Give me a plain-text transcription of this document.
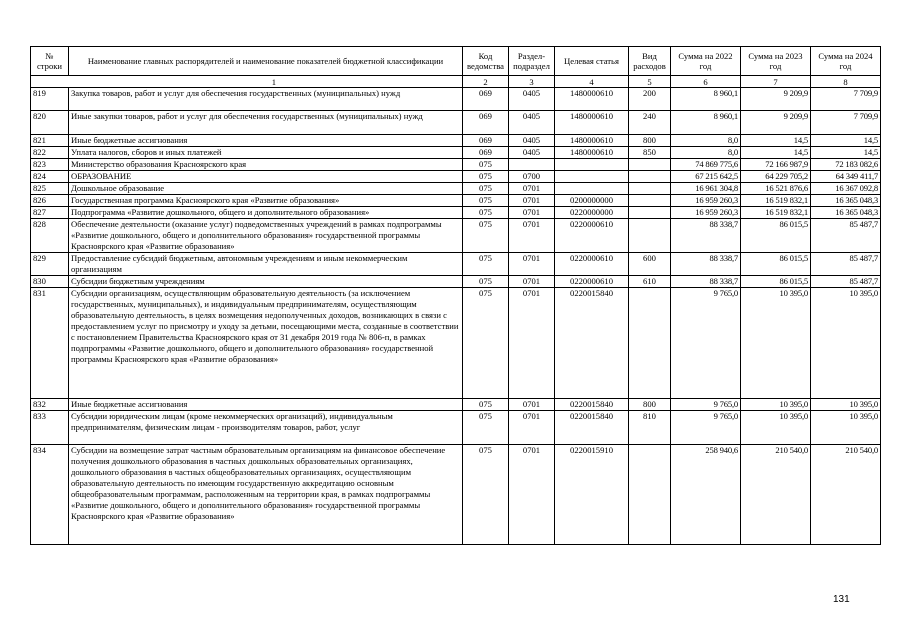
№ строки	Наименование главных распорядителей и наименование показателей бюджетной классификации	Код ведомства	Раздел-подраздел	Целевая статья	Вид расходов	Сумма на 2022 год	Сумма на 2023 год	Сумма на 2024 год
1		2	3	4	5	6	7	8
819	Закупка товаров, работ и услуг для обеспечения государственных (муниципальных) нужд	069	0405	1480000610	200	8 960,1	9 209,9	7 709,9
820	Иные закупки товаров, работ и услуг для обеспечения государственных (муниципальных) нужд	069	0405	1480000610	240	8 960,1	9 209,9	7 709,9
821	Иные бюджетные ассигнования	069	0405	1480000610	800	8,0	14,5	14,5
822	Уплата налогов, сборов и иных платежей	069	0405	1480000610	850	8,0	14,5	14,5
823	Министерство образования Красноярского края	075				74 869 775,6	72 166 987,9	72 183 082,6
824	ОБРАЗОВАНИЕ	075	0700			67 215 642,5	64 229 705,2	64 349 411,7
825	Дошкольное образование	075	0701			16 961 304,8	16 521 876,6	16 367 092,8
826	Государственная программа Красноярского края «Развитие образования»	075	0701	0200000000		16 959 260,3	16 519 832,1	16 365 048,3
827	Подпрограмма «Развитие дошкольного, общего и дополнительного образования»	075	0701	0220000000		16 959 260,3	16 519 832,1	16 365 048,3
828	Обеспечение деятельности (оказание услуг) подведомственных учреждений в рамках подпрограммы «Развитие дошкольного, общего и дополнительного образования» государственной программы Красноярского края «Развитие образования»	075	0701	0220000610		88 338,7	86 015,5	85 487,7
829	Предоставление субсидий бюджетным, автономным учреждениям и иным некоммерческим организациям	075	0701	0220000610	600	88 338,7	86 015,5	85 487,7
830	Субсидии бюджетным учреждениям	075	0701	0220000610	610	88 338,7	86 015,5	85 487,7
831	Субсидии организациям, осуществляющим образовательную деятельность (за исключением государственных, муниципальных), и индивидуальным предпринимателям, осуществляющим образовательную деятельность, в целях возмещения недополученных доходов, возникающих в связи с предоставлением услуг по присмотру и уходу за детьми, посещающими места, созданные в соответствии с постановлением Правительства Красноярского края от 31 декабря 2019 года № 806-п, в рамках подпрограммы «Развитие дошкольного, общего и дополнительного образования» государственной программы Красноярского края «Развитие образования»	075	0701	0220015840		9 765,0	10 395,0	10 395,0
832	Иные бюджетные ассигнования	075	0701	0220015840	800	9 765,0	10 395,0	10 395,0
833	Субсидии юридическим лицам (кроме некоммерческих организаций), индивидуальным предпринимателям, физическим лицам - производителям товаров, работ, услуг	075	0701	0220015840	810	9 765,0	10 395,0	10 395,0
834	Субсидии на возмещение затрат частным образовательным организациям на финансовое обеспечение получения дошкольного образования в частных дошкольных образовательных организациях, дошкольного образования в частных общеобразовательных организациях, осуществляющим образовательную деятельность по имеющим государственную аккредитацию основным общеобразовательным программам, расположенным на территории края, в рамках подпрограммы «Развитие дошкольного, общего и дополнительного образования» государственной программы Красноярского края «Развитие образования»	075	0701	0220015910		258 940,6	210 540,0	210 540,0
131
